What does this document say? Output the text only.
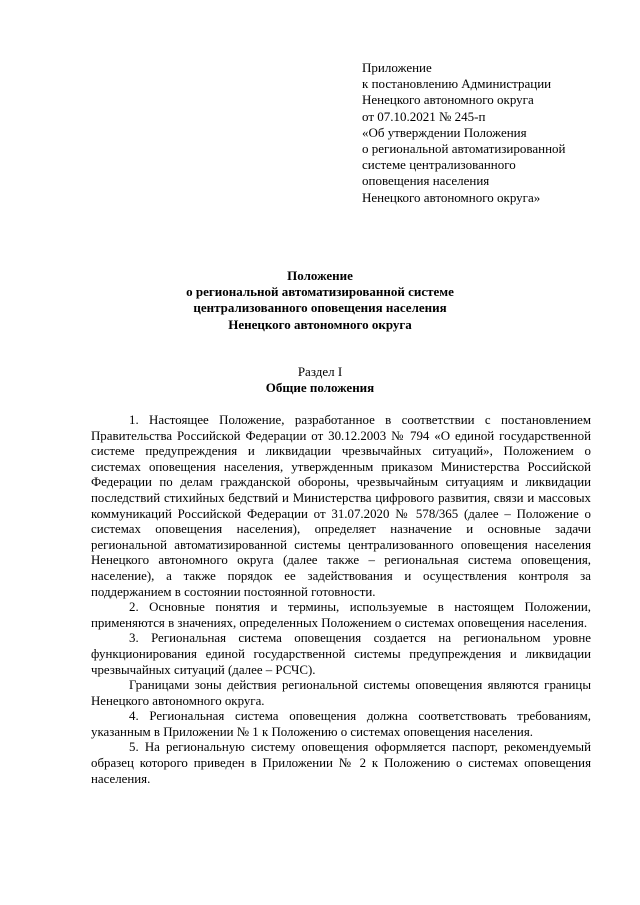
Приложение
к постановлению Администрации
Ненецкого автономного округа
от 07.10.2021 № 245-п
«Об утверждении Положения
о региональной автоматизированной
системе централизованного
оповещения населения
Ненецкого автономного округа»
Положение
о региональной автоматизированной системе
централизованного оповещения населения
Ненецкого автономного округа
Раздел I
Общие положения

1. Настоящее Положение, разработанное в соответствии с постановлением Правительства Российской Федерации от 30.12.2003 № 794 «О единой государственной системе предупреждения и ликвидации чрезвычайных ситуаций», Положением о системах оповещения населения, утвержденным приказом Министерства Российской Федерации по делам гражданской обороны, чрезвычайным ситуациям и ликвидации последствий стихийных бедствий и Министерства цифрового развития, связи и массовых коммуникаций Российской Федерации от 31.07.2020 № 578/365 (далее – Положение о системах оповещения населения), определяет назначение и основные задачи региональной автоматизированной системы централизованного оповещения населения Ненецкого автономного округа (далее также – региональная система оповещения, население), а также порядок ее задействования и осуществления контроля за поддержанием в состоянии постоянной готовности.

2. Основные понятия и термины, используемые в настоящем Положении, применяются в значениях, определенных Положением о системах оповещения населения.

3. Региональная система оповещения создается на региональном уровне функционирования единой государственной системы предупреждения и ликвидации чрезвычайных ситуаций (далее – РСЧС).

Границами зоны действия региональной системы оповещения являются границы Ненецкого автономного округа.

4. Региональная система оповещения должна соответствовать требованиям, указанным в Приложении № 1 к Положению о системах оповещения населения.

5. На региональную систему оповещения оформляется паспорт, рекомендуемый образец которого приведен в Приложении № 2 к Положению о системах оповещения населения.
